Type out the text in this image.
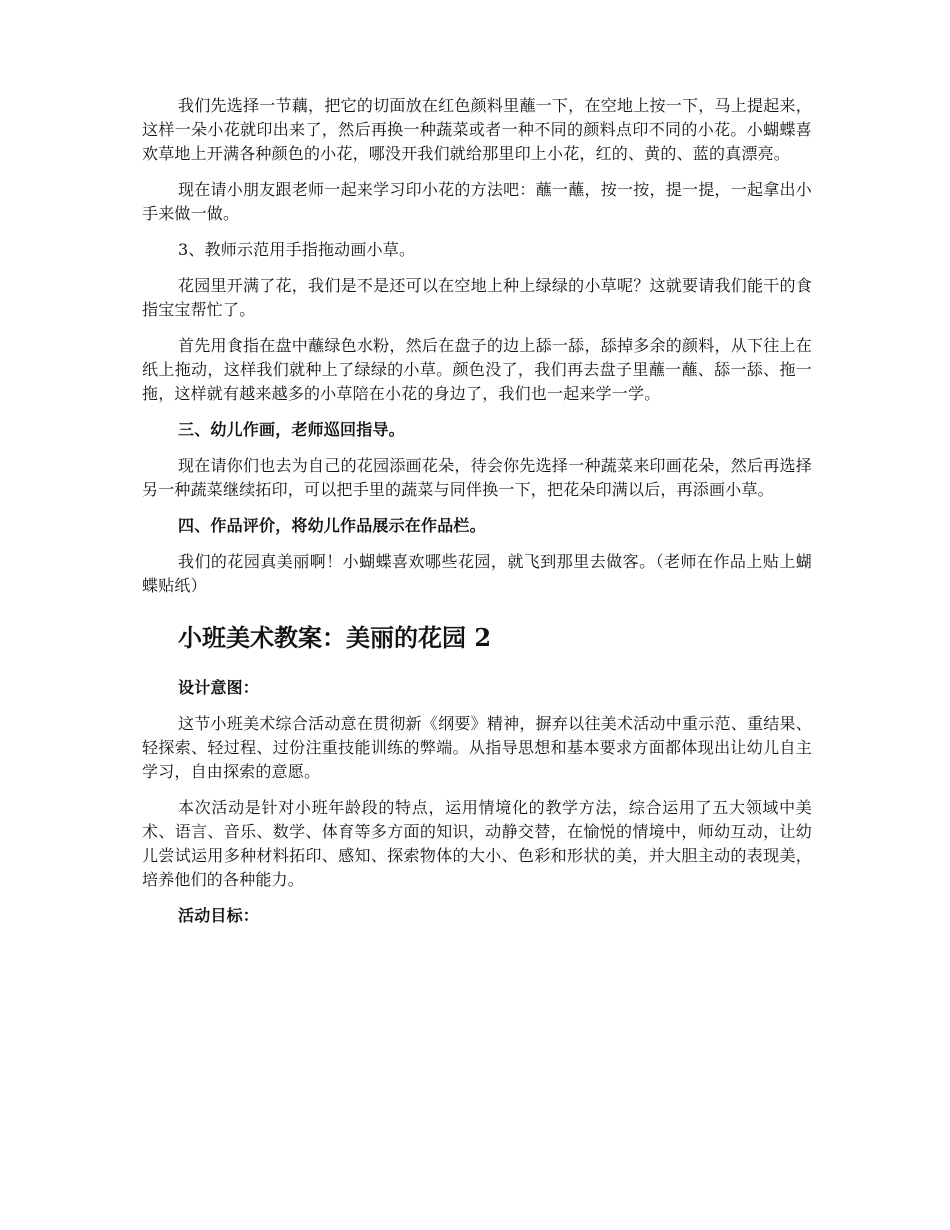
我们先选择一节藕，把它的切面放在红色颜料里蘸一下，在空地上按一下，马上提起来，这样一朵小花就印出来了，然后再换一种蔬菜或者一种不同的颜料点印不同的小花。小蝴蝶喜欢草地上开满各种颜色的小花，哪没开我们就给那里印上小花，红的、黄的、蓝的真漂亮。

现在请小朋友跟老师一起来学习印小花的方法吧：蘸一蘸，按一按，提一提，一起拿出小手来做一做。

3、教师示范用手指拖动画小草。

花园里开满了花，我们是不是还可以在空地上种上绿绿的小草呢？这就要请我们能干的食指宝宝帮忙了。

首先用食指在盘中蘸绿色水粉，然后在盘子的边上舔一舔，舔掉多余的颜料，从下往上在纸上拖动，这样我们就种上了绿绿的小草。颜色没了，我们再去盘子里蘸一蘸、舔一舔、拖一拖，这样就有越来越多的小草陪在小花的身边了，我们也一起来学一学。

三、幼儿作画，老师巡回指导。

现在请你们也去为自己的花园添画花朵，待会你先选择一种蔬菜来印画花朵，然后再选择另一种蔬菜继续拓印，可以把手里的蔬菜与同伴换一下，把花朵印满以后，再添画小草。

四、作品评价，将幼儿作品展示在作品栏。

我们的花园真美丽啊！小蝴蝶喜欢哪些花园，就飞到那里去做客。（老师在作品上贴上蝴蝶贴纸）

小班美术教案：美丽的花园 2

设计意图：

这节小班美术综合活动意在贯彻新《纲要》精神，摒弃以往美术活动中重示范、重结果、轻探索、轻过程、过份注重技能训练的弊端。从指导思想和基本要求方面都体现出让幼儿自主学习，自由探索的意愿。

本次活动是针对小班年龄段的特点，运用情境化的教学方法，综合运用了五大领域中美术、语言、音乐、数学、体育等多方面的知识，动静交替，在愉悦的情境中，师幼互动，让幼儿尝试运用多种材料拓印、感知、探索物体的大小、色彩和形状的美，并大胆主动的表现美，培养他们的各种能力。

活动目标：
